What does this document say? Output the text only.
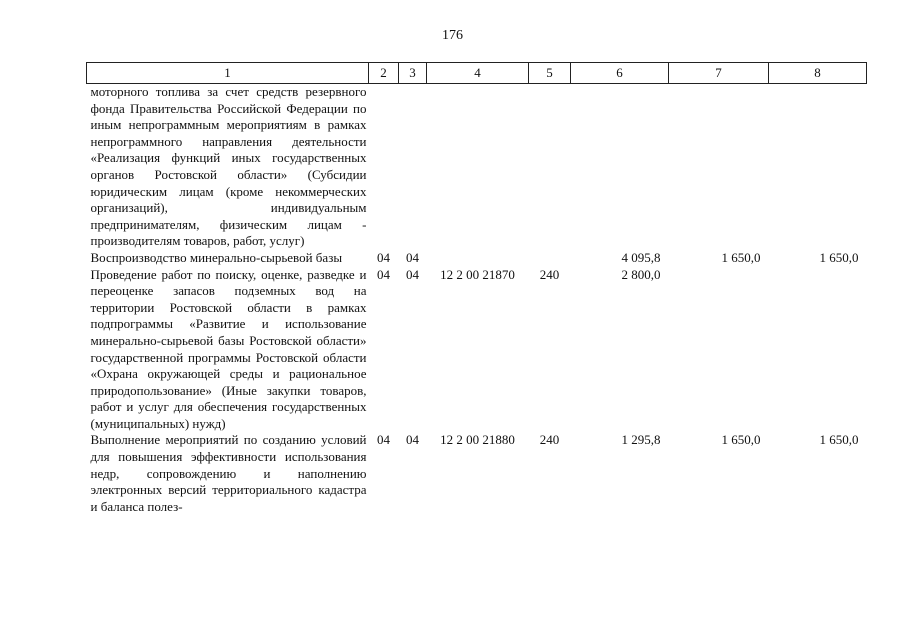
176
1	2	3	4	5	6	7	8
моторного топлива за счет средств резервного фонда Правительства Российской Федерации по иным непрограммным мероприятиям в рамках непрограммного направления деятельности «Реализация функций иных государственных органов Ростовской области» (Субсидии юридическим лицам (кроме некоммерческих организаций), индивидуальным предпринимателям, физическим лицам - производителям товаров, работ, услуг)							
Воспроизводство минерально-сырьевой базы	04	04			4 095,8	1 650,0	1 650,0
Проведение работ по поиску, оценке, разведке и переоценке запасов подземных вод на территории Ростовской области в рамках подпрограммы «Развитие и использование минерально-сырьевой базы Ростовской области» государственной программы Ростовской области «Охрана окружающей среды и рациональное природопользование» (Иные закупки товаров, работ и услуг для обеспечения государственных (муниципальных) нужд)	04	04	12 2 00 21870	240	2 800,0		
Выполнение мероприятий по созданию условий для повышения эффективности использования недр, сопровождению и наполнению электронных версий территориального кадастра и баланса полез-	04	04	12 2 00 21880	240	1 295,8	1 650,0	1 650,0
